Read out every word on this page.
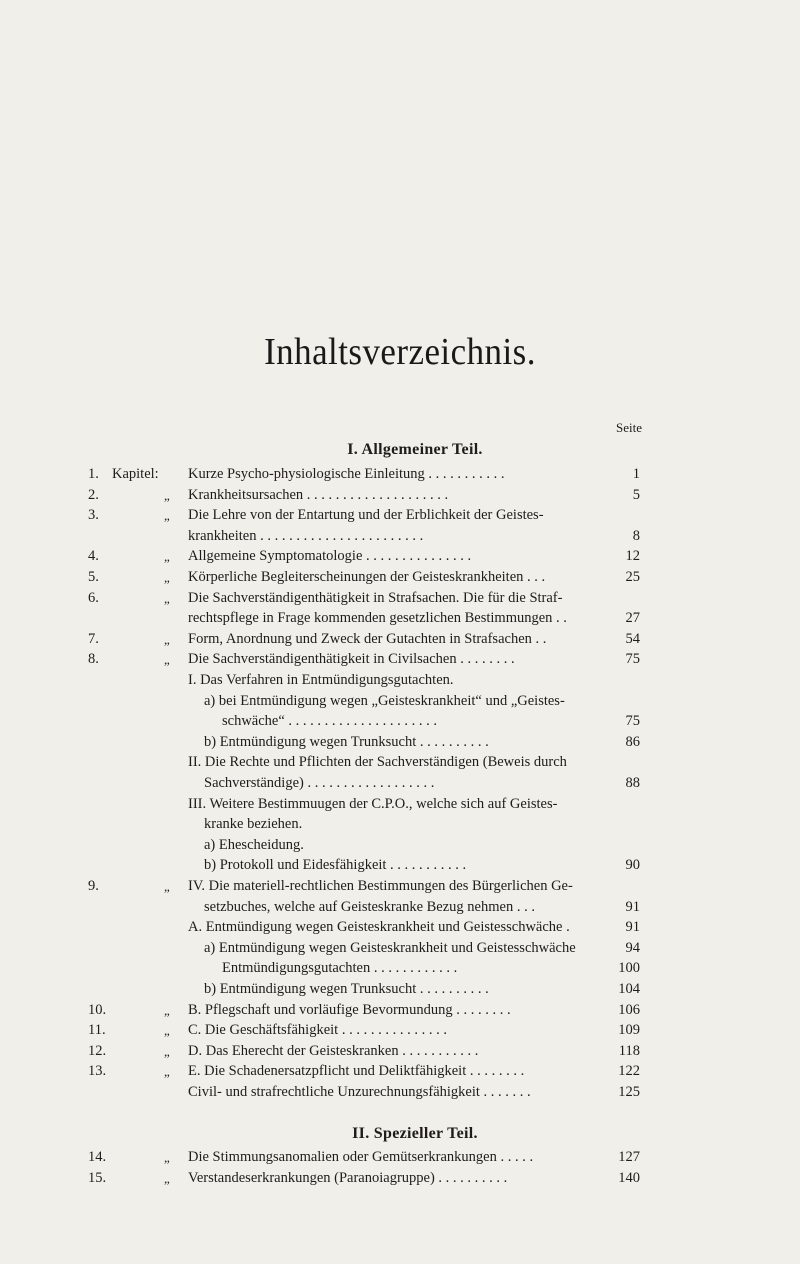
Inhaltsverzeichnis.
Seite
I. Allgemeiner Teil.
II. Spezieller Teil.
1. Kapitel: Kurze Psycho-physiologische Einleitung . . . . . . . . . . .	1
2.	„ Krankheitsursachen . . . . . . . . . . . . . . . . . . . .	5
3.	„ Die Lehre von der Entartung und der Erblichkeit der Geistes-
krankheiten . . . . . . . . . . . . . . . . . . . . . . .	8
4.	„ Allgemeine Symptomatologie . . . . . . . . . . . . . . .	12
5.	„ Körperliche Begleiterscheinungen der Geisteskrankheiten . . .	25
6.	„ Die Sachverständigenthätigkeit in Strafsachen. Die für die Straf-
rechtspflege in Frage kommenden gesetzlichen Bestimmungen . .	27
7.	„ Form, Anordnung und Zweck der Gutachten in Strafsachen . .	54
8.	„ Die Sachverständigenthätigkeit in Civilsachen . . . . . . . .	75
I. Das Verfahren in Entmündigungsgutachten.
a) bei Entmündigung wegen „Geisteskrankheit“ und „Geistes-
schwäche“ . . . . . . . . . . . . . . . . . . . . .	75
b) Entmündigung wegen Trunksucht . . . . . . . . . .	86
II. Die Rechte und Pflichten der Sachverständigen (Beweis durch
Sachverständige) . . . . . . . . . . . . . . . . . .	88
III. Weitere Bestimmuugen der C.P.O., welche sich auf Geistes-
kranke beziehen.
a) Ehescheidung.
b) Protokoll und Eidesfähigkeit . . . . . . . . . . .	90
9.	„ IV. Die materiell-rechtlichen Bestimmungen des Bürgerlichen Ge-
setzbuches, welche auf Geisteskranke Bezug nehmen . . .	91
A. Entmündigung wegen Geisteskrankheit und Geistesschwäche .	91
a) Entmündigung wegen Geisteskrankheit und Geistesschwäche	94
Entmündigungsgutachten . . . . . . . . . . . .	100
b) Entmündigung wegen Trunksucht . . . . . . . . . .	104
10.	„ B. Pflegschaft und vorläufige Bevormundung . . . . . . . .	106
11.	„ C. Die Geschäftsfähigkeit . . . . . . . . . . . . . . .	109
12.	„ D. Das Eherecht der Geisteskranken . . . . . . . . . . .	118
13.	„ E. Die Schadenersatzpflicht und Deliktfähigkeit . . . . . . . .	122
Civil- und strafrechtliche Unzurechnungsfähigkeit . . . . . . .	125
14.	„ Die Stimmungsanomalien oder Gemütserkrankungen . . . . .	127
15.	„ Verstandeserkrankungen (Paranoiagruppe) . . . . . . . . . .	140
